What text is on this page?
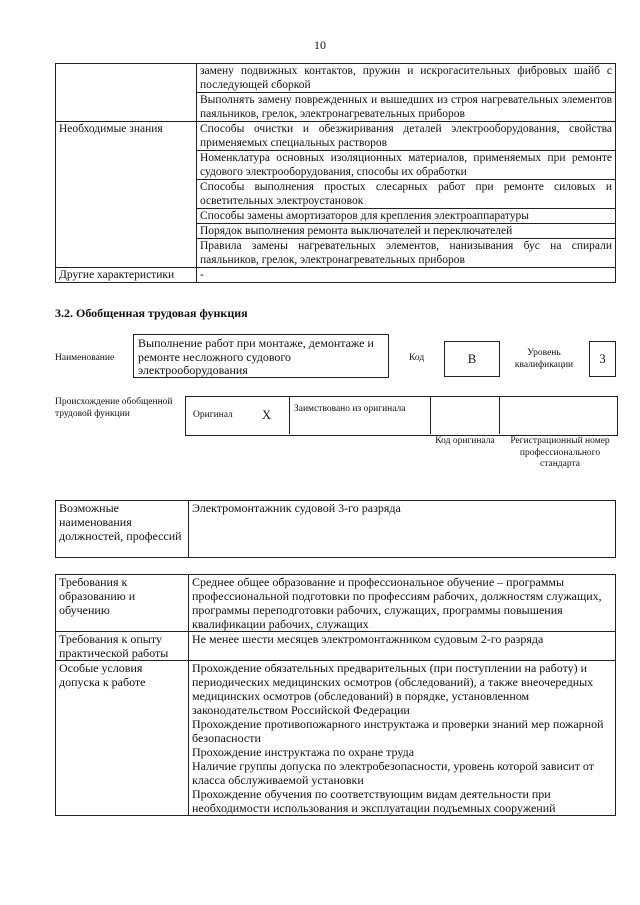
10
	замену подвижных контактов, пружин и искрогасительных фибровых шайб с последующей сборкой
	Выполнять замену поврежденных и вышедших из строя нагревательных элементов паяльников, грелок, электронагревательных приборов
Необходимые знания	Способы очистки и обезжиривания деталей электрооборудования, свойства применяемых специальных растворов
	Номенклатура основных изоляционных материалов, применяемых при ремонте судового электрооборудования, способы их обработки
	Способы выполнения простых слесарных работ при ремонте силовых и осветительных электроустановок
	Способы замены амортизаторов для крепления электроаппаратуры
	Порядок выполнения ремонта выключателей и переключателей
	Правила замены нагревательных элементов, нанизывания бус на спирали паяльников, грелок, электронагревательных приборов
Другие характеристики	-
3.2. Обобщенная трудовая функция
Наименование
Выполнение работ при монтаже, демонтаже и ремонте несложного судового электрооборудования
Код	B	Уровень квалификации	3
Происхождение обобщенной трудовой функции	Оригинал X Заимствовано из оригинала
Код оригинала	Регистрационный номер профессионального стандарта
Возможные наименования должностей, профессий	Электромонтажник судовой 3-го разряда
Требования к образованию и обучению	Среднее общее образование и профессиональное обучение – программы профессиональной подготовки по профессиям рабочих, должностям служащих, программы переподготовки рабочих, служащих, программы повышения квалификации рабочих, служащих
Требования к опыту практической работы	Не менее шести месяцев электромонтажником судовым 2-го разряда
Особые условия допуска к работе	Прохождение обязательных предварительных (при поступлении на работу) и периодических медицинских осмотров (обследований), а также внеочередных медицинских осмотров (обследований) в порядке, установленном законодательством Российской Федерации
Прохождение противопожарного инструктажа и проверки знаний мер пожарной безопасности
Прохождение инструктажа по охране труда
Наличие группы допуска по электробезопасности, уровень которой зависит от класса обслуживаемой установки
Прохождение обучения по соответствующим видам деятельности при необходимости использования и эксплуатации подъемных сооружений
